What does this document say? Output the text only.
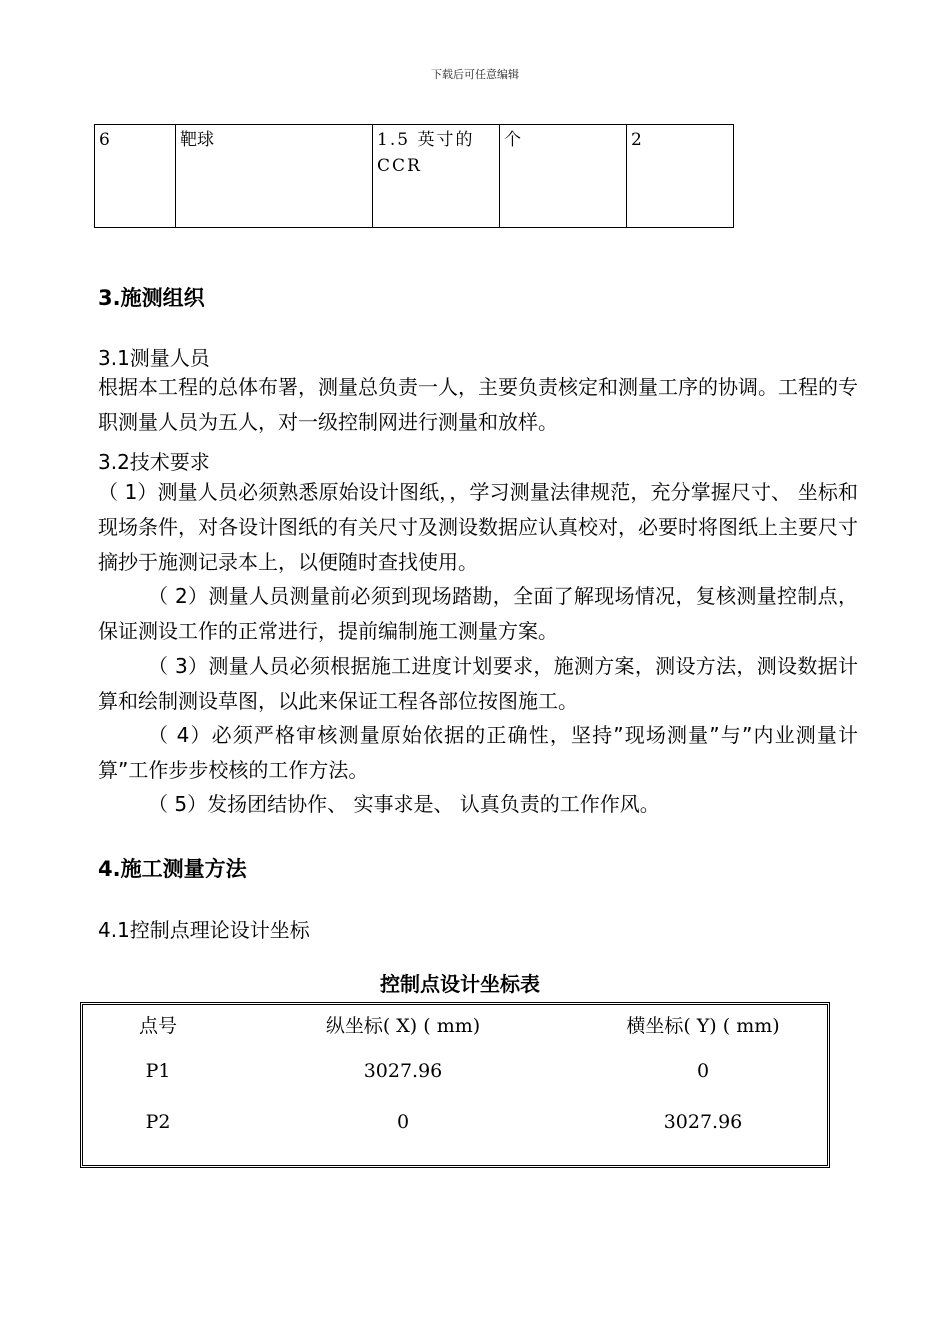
下载后可任意编辑
6	靶球	1.5 英寸的 CCR	个	2
3.施测组织
3.1测量人员
根据本工程的总体布署，测量总负责一人，主要负责核定和测量工序的协调。工程的专职测量人员为五人，对一级控制网进行测量和放样。
3.2技术要求
（ 1）测量人员必须熟悉原始设计图纸，，学习测量法律规范，充分掌握尺寸、 坐标和现场条件，对各设计图纸的有关尺寸及测设数据应认真校对，必要时将图纸上主要尺寸摘抄于施测记录本上，以便随时查找使用。
（ 2）测量人员测量前必须到现场踏勘，全面了解现场情况，复核测量控制点，保证测设工作的正常进行，提前编制施工测量方案。
（ 3）测量人员必须根据施工进度计划要求，施测方案，测设方法，测设数据计算和绘制测设草图，以此来保证工程各部位按图施工。
（ 4）必须严格审核测量原始依据的正确性，坚持”现场测量”与”内业测量计算”工作步步校核的工作方法。
（ 5）发扬团结协作、 实事求是、 认真负责的工作作风。
4.施工测量方法
4.1控制点理论设计坐标
控制点设计坐标表
点号	纵坐标( X) ( mm)	横坐标( Y) ( mm)
P1	3027.96	0
P2	0	3027.96
